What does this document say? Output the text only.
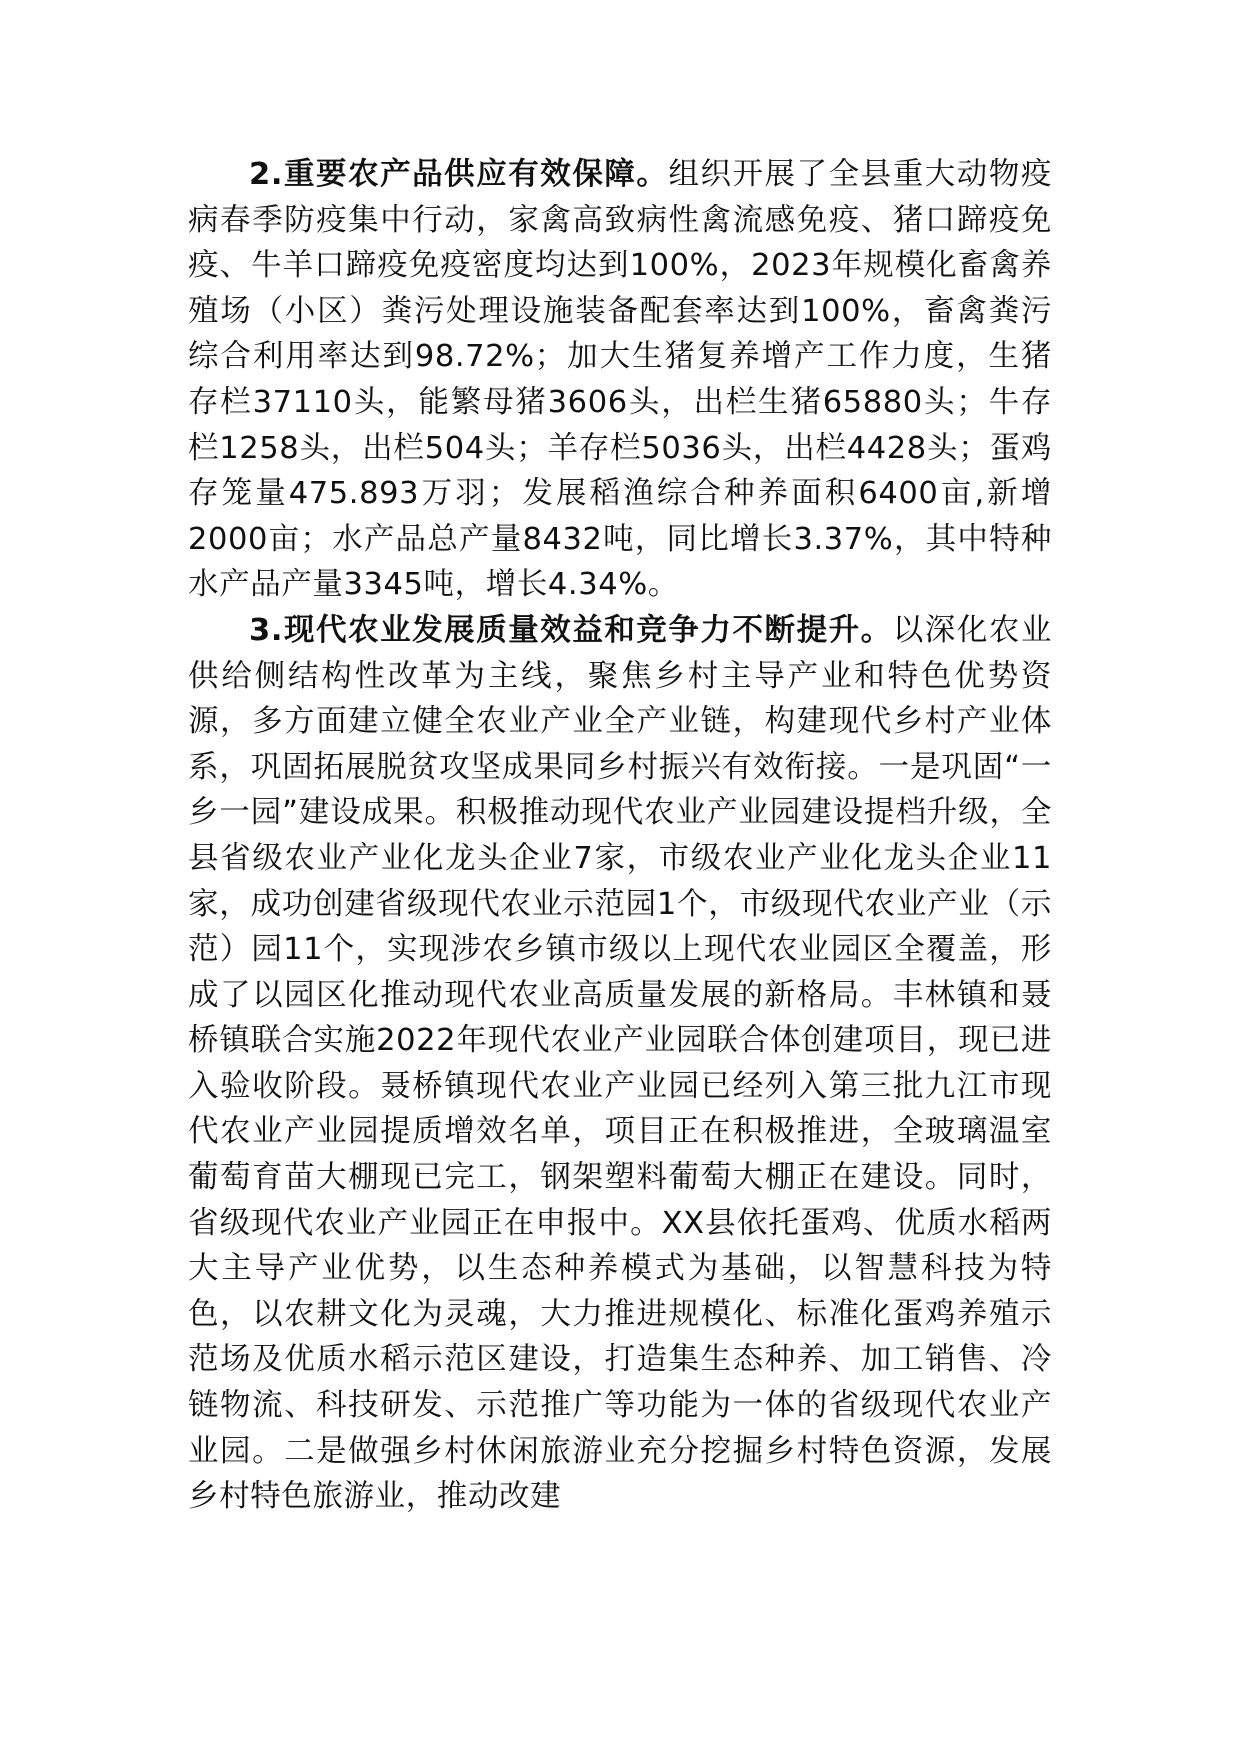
2.重要农产品供应有效保障。组织开展了全县重大动物疫病春季防疫集中行动，家禽高致病性禽流感免疫、猪口蹄疫免疫、牛羊口蹄疫免疫密度均达到100%，2023年规模化畜禽养殖场（小区）粪污处理设施装备配套率达到100%，畜禽粪污综合利用率达到98.72%；加大生猪复养增产工作力度，生猪存栏37110头，能繁母猪3606头，出栏生猪65880头；牛存栏1258头，出栏504头；羊存栏5036头，出栏4428头；蛋鸡存笼量475.893万羽；发展稻渔综合种养面积6400亩,新增2000亩；水产品总产量8432吨，同比增长3.37%，其中特种水产品产量3345吨，增长4.34%。

3.现代农业发展质量效益和竞争力不断提升。以深化农业供给侧结构性改革为主线，聚焦乡村主导产业和特色优势资源，多方面建立健全农业产业全产业链，构建现代乡村产业体系，巩固拓展脱贫攻坚成果同乡村振兴有效衔接。一是巩固“一乡一园”建设成果。积极推动现代农业产业园建设提档升级，全县省级农业产业化龙头企业7家，市级农业产业化龙头企业11家，成功创建省级现代农业示范园1个，市级现代农业产业（示范）园11个，实现涉农乡镇市级以上现代农业园区全覆盖，形成了以园区化推动现代农业高质量发展的新格局。丰林镇和聂桥镇联合实施2022年现代农业产业园联合体创建项目，现已进入验收阶段。聂桥镇现代农业产业园已经列入第三批九江市现代农业产业园提质增效名单，项目正在积极推进，全玻璃温室葡萄育苗大棚现已完工，钢架塑料葡萄大棚正在建设。同时，省级现代农业产业园正在申报中。XX县依托蛋鸡、优质水稻两大主导产业优势，以生态种养模式为基础，以智慧科技为特色，以农耕文化为灵魂，大力推进规模化、标准化蛋鸡养殖示范场及优质水稻示范区建设，打造集生态种养、加工销售、冷链物流、科技研发、示范推广等功能为一体的省级现代农业产业园。二是做强乡村休闲旅游业充分挖掘乡村特色资源，发展乡村特色旅游业，推动改建
